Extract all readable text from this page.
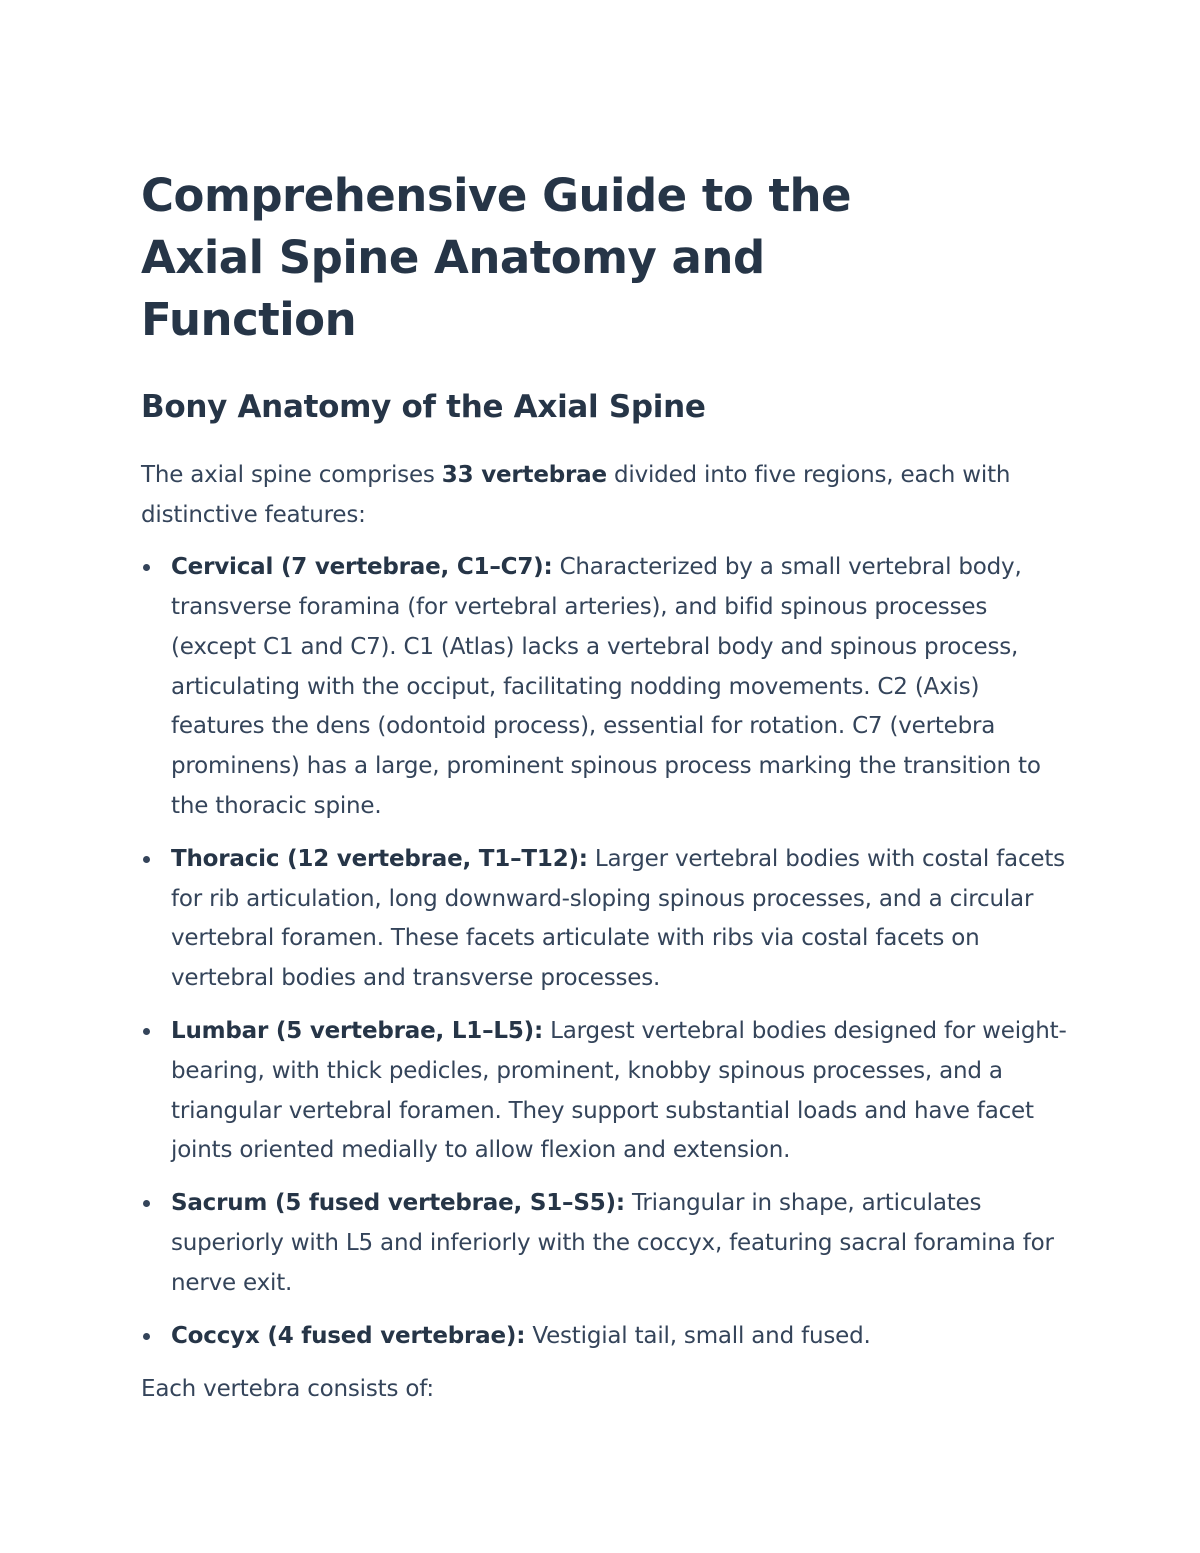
Comprehensive Guide to the Axial Spine Anatomy and Function
Bony Anatomy of the Axial Spine

The axial spine comprises 33 vertebrae divided into five regions, each with distinctive features:

Cervical (7 vertebrae, C1–C7): Characterized by a small vertebral body, transverse foramina (for vertebral arteries), and bifid spinous processes (except C1 and C7). C1 (Atlas) lacks a vertebral body and spinous process, articulating with the occiput, facilitating nodding movements. C2 (Axis) features the dens (odontoid process), essential for rotation. C7 (vertebra prominens) has a large, prominent spinous process marking the transition to the thoracic spine.
Thoracic (12 vertebrae, T1–T12): Larger vertebral bodies with costal facets for rib articulation, long downward-sloping spinous processes, and a circular vertebral foramen. These facets articulate with ribs via costal facets on vertebral bodies and transverse processes.
Lumbar (5 vertebrae, L1–L5): Largest vertebral bodies designed for weight-bearing, with thick pedicles, prominent, knobby spinous processes, and a triangular vertebral foramen. They support substantial loads and have facet joints oriented medially to allow flexion and extension.
Sacrum (5 fused vertebrae, S1–S5): Triangular in shape, articulates superiorly with L5 and inferiorly with the coccyx, featuring sacral foramina for nerve exit.
Coccyx (4 fused vertebrae): Vestigial tail, small and fused.

Each vertebra consists of:
